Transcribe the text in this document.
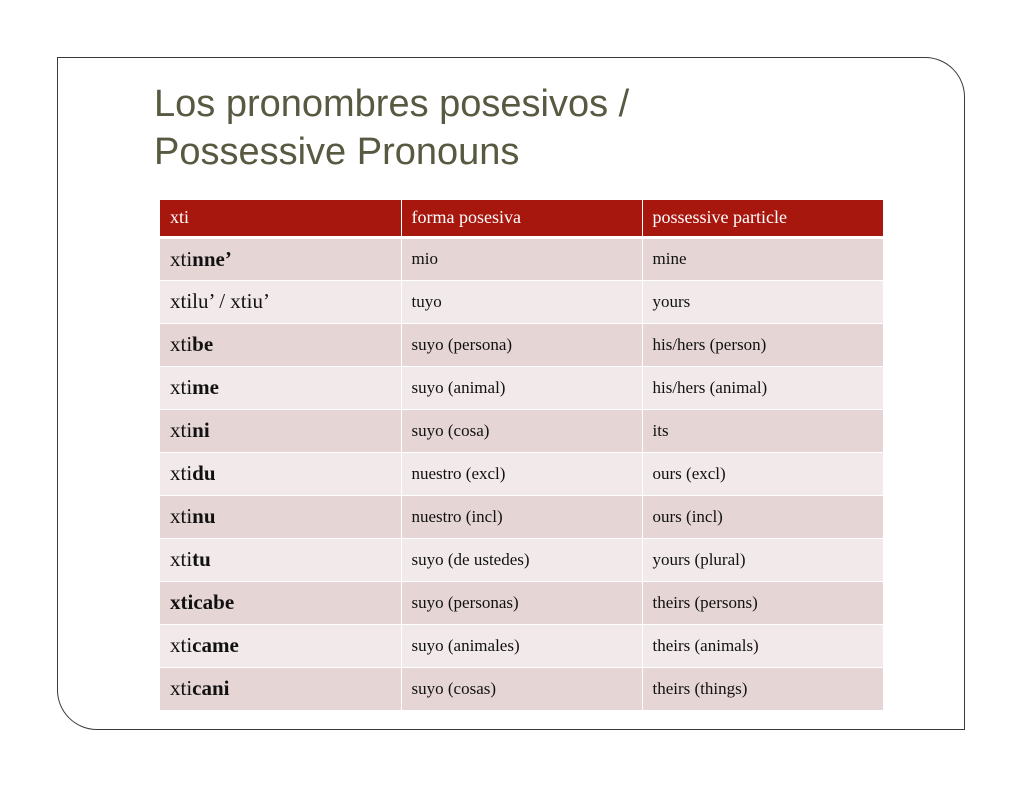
Los pronombres posesivos /
Possessive Pronouns
xti	forma posesiva	possessive particle
xtinne’	mio	mine
xtilu’ / xtiu’	tuyo	yours
xtibe	suyo (persona)	his/hers (person)
xtime	suyo (animal)	his/hers (animal)
xtini	suyo (cosa)	its
xtidu	nuestro (excl)	ours (excl)
xtinu	nuestro (incl)	ours (incl)
xtitu	suyo (de ustedes)	yours (plural)
xticabe	suyo (personas)	theirs (persons)
xticame	suyo (animales)	theirs (animals)
xticani	suyo (cosas)	theirs (things)
